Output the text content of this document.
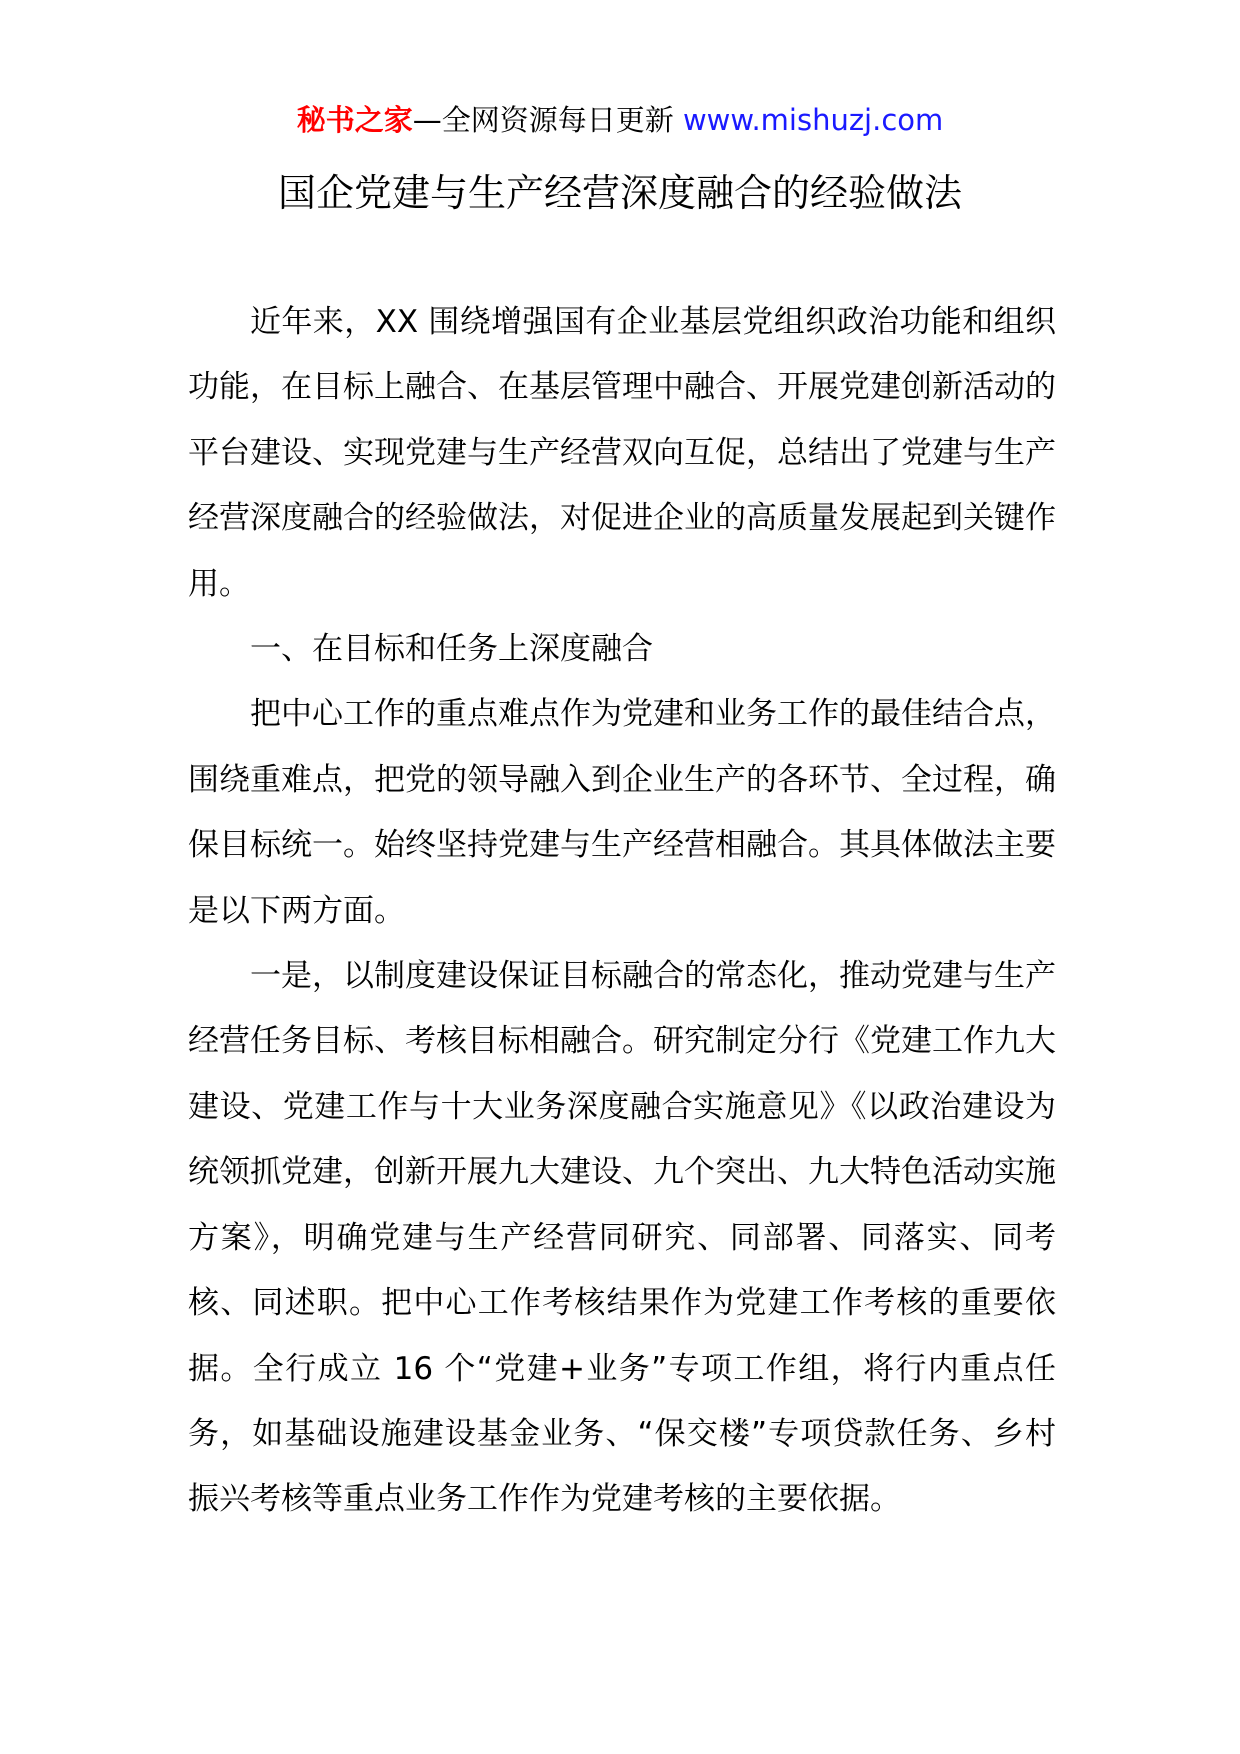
秘书之家—全网资源每日更新 www.mishuzj.com
国企党建与生产经营深度融合的经验做法

近年来，XX 围绕增强国有企业基层党组织政治功能和组织功能，在目标上融合、在基层管理中融合、开展党建创新活动的平台建设、实现党建与生产经营双向互促，总结出了党建与生产经营深度融合的经验做法，对促进企业的高质量发展起到关键作用。

一、在目标和任务上深度融合

把中心工作的重点难点作为党建和业务工作的最佳结合点，围绕重难点，把党的领导融入到企业生产的各环节、全过程，确保目标统一。始终坚持党建与生产经营相融合。其具体做法主要是以下两方面。

一是，以制度建设保证目标融合的常态化，推动党建与生产经营任务目标、考核目标相融合。研究制定分行《党建工作九大建设、党建工作与十大业务深度融合实施意见》《以政治建设为统领抓党建，创新开展九大建设、九个突出、九大特色活动实施方案》，明确党建与生产经营同研究、同部署、同落实、同考核、同述职。把中心工作考核结果作为党建工作考核的重要依据。全行成立 16 个“党建+业务”专项工作组，将行内重点任务，如基础设施建设基金业务、“保交楼”专项贷款任务、乡村振兴考核等重点业务工作作为党建考核的主要依据。
